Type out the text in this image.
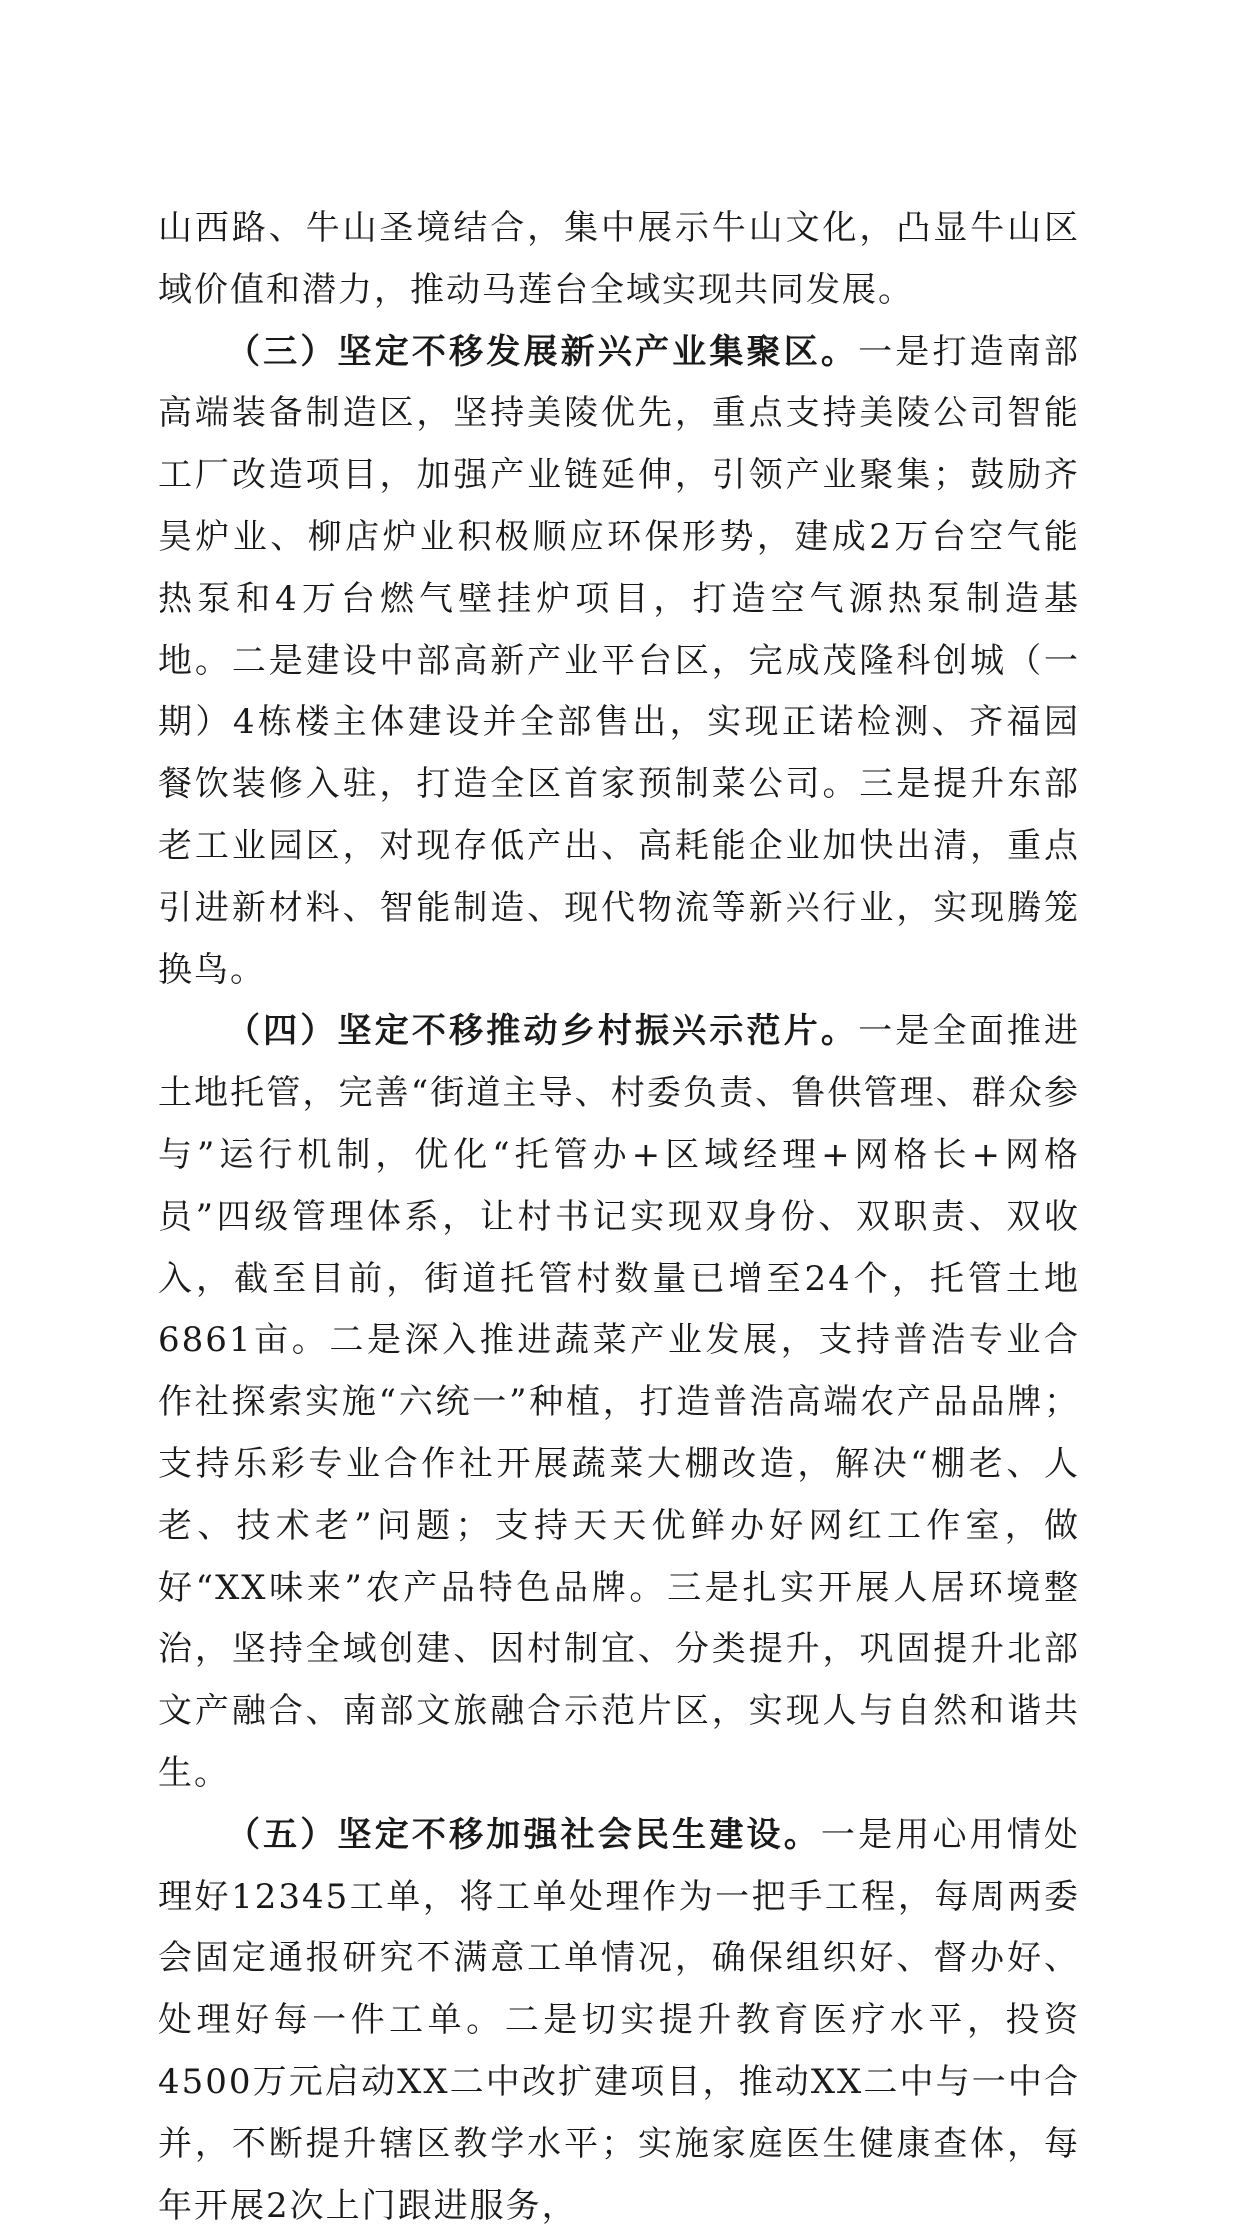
山西路、牛山圣境结合，集中展示牛山文化，凸显牛山区域价值和潜力，推动马莲台全域实现共同发展。

（三）坚定不移发展新兴产业集聚区。一是打造南部高端装备制造区，坚持美陵优先，重点支持美陵公司智能工厂改造项目，加强产业链延伸，引领产业聚集；鼓励齐昊炉业、柳店炉业积极顺应环保形势，建成2万台空气能热泵和4万台燃气壁挂炉项目，打造空气源热泵制造基地。二是建设中部高新产业平台区，完成茂隆科创城（一期）4栋楼主体建设并全部售出，实现正诺检测、齐福园餐饮装修入驻，打造全区首家预制菜公司。三是提升东部老工业园区，对现存低产出、高耗能企业加快出清，重点引进新材料、智能制造、现代物流等新兴行业，实现腾笼换鸟。

（四）坚定不移推动乡村振兴示范片。一是全面推进土地托管，完善“街道主导、村委负责、鲁供管理、群众参与”运行机制，优化“托管办+区域经理+网格长+网格员”四级管理体系，让村书记实现双身份、双职责、双收入，截至目前，街道托管村数量已增至24个，托管土地6861亩。二是深入推进蔬菜产业发展，支持普浩专业合作社探索实施“六统一”种植，打造普浩高端农产品品牌；支持乐彩专业合作社开展蔬菜大棚改造，解决“棚老、人老、技术老”问题；支持天天优鲜办好网红工作室，做好“XX味来”农产品特色品牌。三是扎实开展人居环境整治，坚持全域创建、因村制宜、分类提升，巩固提升北部文产融合、南部文旅融合示范片区，实现人与自然和谐共生。

（五）坚定不移加强社会民生建设。一是用心用情处理好12345工单，将工单处理作为一把手工程，每周两委会固定通报研究不满意工单情况，确保组织好、督办好、处理好每一件工单。二是切实提升教育医疗水平，投资4500万元启动XX二中改扩建项目，推动XX二中与一中合并，不断提升辖区教学水平；实施家庭医生健康查体，每年开展2次上门跟进服务，
